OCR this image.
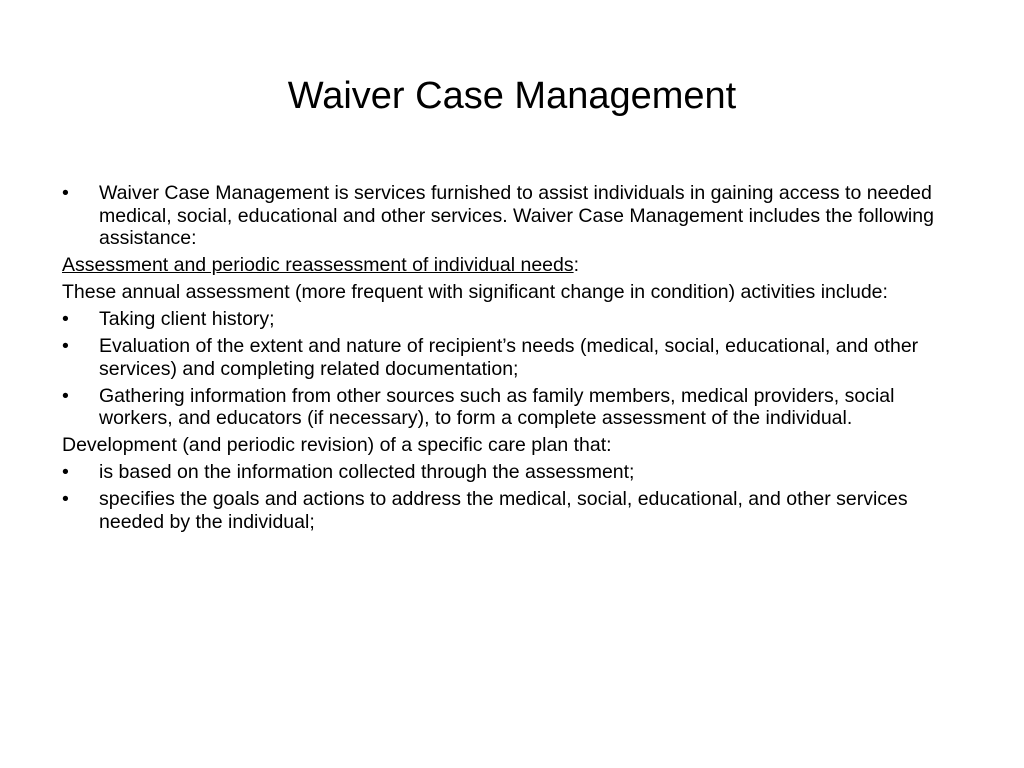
Waiver Case Management
• Waiver Case Management is services furnished to assist individuals in gaining access to needed medical, social, educational and other services. Waiver Case Management includes the following assistance:
Assessment and periodic reassessment of individual needs:
These annual assessment (more frequent with significant change in condition) activities include:
• Taking client history;
• Evaluation of the extent and nature of recipient’s needs (medical, social, educational, and other services) and completing related documentation;
• Gathering information from other sources such as family members, medical providers, social workers, and educators (if necessary), to form a complete assessment of the individual.
Development (and periodic revision) of a specific care plan that:
• is based on the information collected through the assessment;
• specifies the goals and actions to address the medical, social, educational, and other services needed by the individual;
